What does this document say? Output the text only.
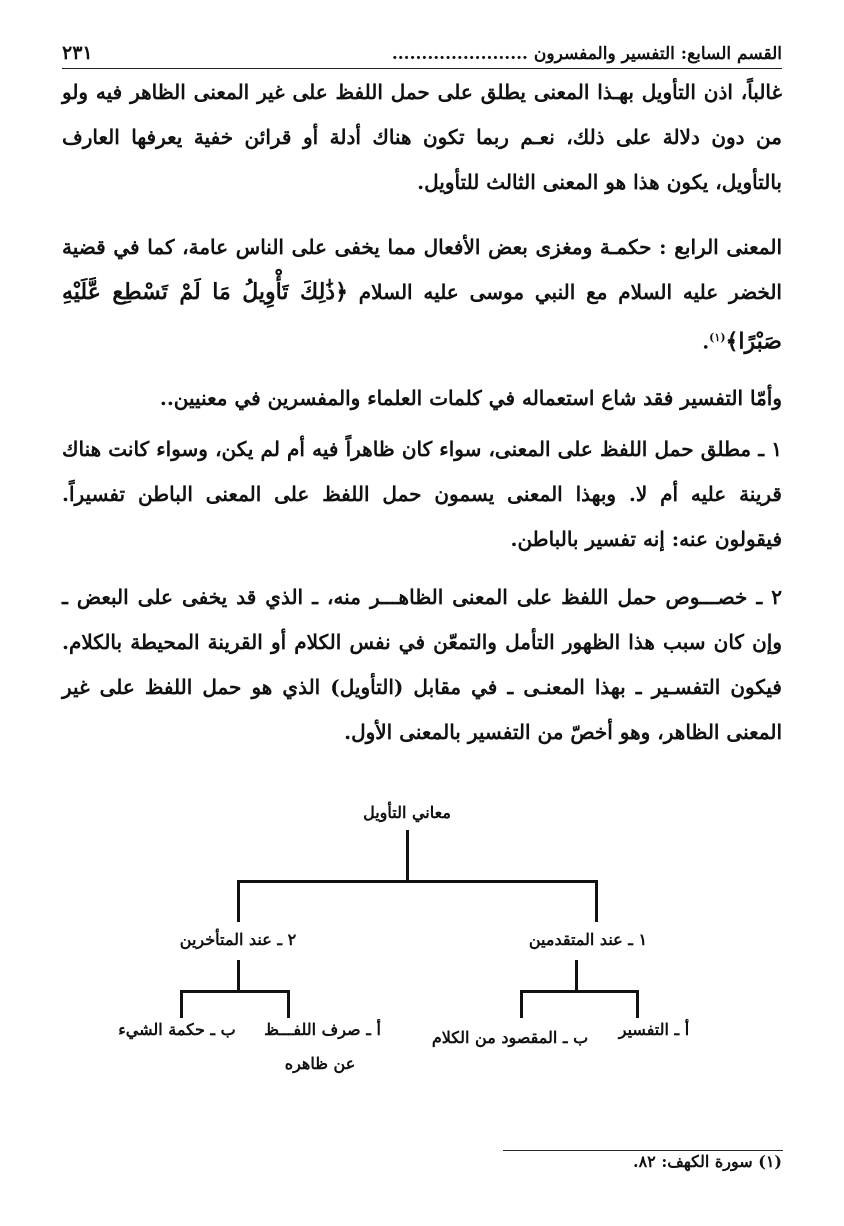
٢٣١	القسم السابع: التفسير والمفسرون .......................

غالباً، اذن التأويل بهـذا المعنى يطلق على حمل اللفظ على غير المعنى الظاهر فيه ولو من دون دلالة على ذلك، نعـم ربما تكون هناك أدلة أو قرائن خفية يعرفها العارف بالتأويل، يكون هذا هو المعنى الثالث للتأويل.

المعنى الرابع : حكمـة ومغزى بعض الأفعال مما يخفى على الناس عامة، كما في قضية الخضر عليه السلام مع النبي موسى عليه السلام ﴿ذَٰلِكَ تَأْوِيلُ مَا لَمْ تَسْطِع عَّلَيْهِ صَبْرًا﴾$^{(١)}$.

وأمّا التفسير فقد شاع استعماله في كلمات العلماء والمفسرين في معنيين..

١ ـ مطلق حمل اللفظ على المعنى، سواء كان ظاهراً فيه أم لم يكن، وسواء كانت هناك قرينة عليه أم لا. وبهذا المعنى يسمون حمل اللفظ على المعنى الباطن تفسيراً. فيقولون عنه: إنه تفسير بالباطن.

٢ ـ خصـــوص حمل اللفظ على المعنى الظاهـــر منه، ـ الذي قد يخفى على البعض ـ وإن كان سبب هذا الظهور التأمل والتمعّن في نفس الكلام أو القرينة المحيطة بالكلام. فيكون التفسـير ـ بهذا المعنـى ـ في مقابل (التأويل) الذي هو حمل اللفظ على غير المعنى الظاهر، وهو أخصّ من التفسير بالمعنى الأول.

معاني التأويل
١ ـ عند المتقدمين
٢ ـ عند المتأخرين
أ ـ التفسير
ب ـ المقصود من الكلام
أ ـ صرف اللفـــظ
عن ظاهره
ب ـ حكمة الشيء
(١) سورة الكهف: ٨٢.
